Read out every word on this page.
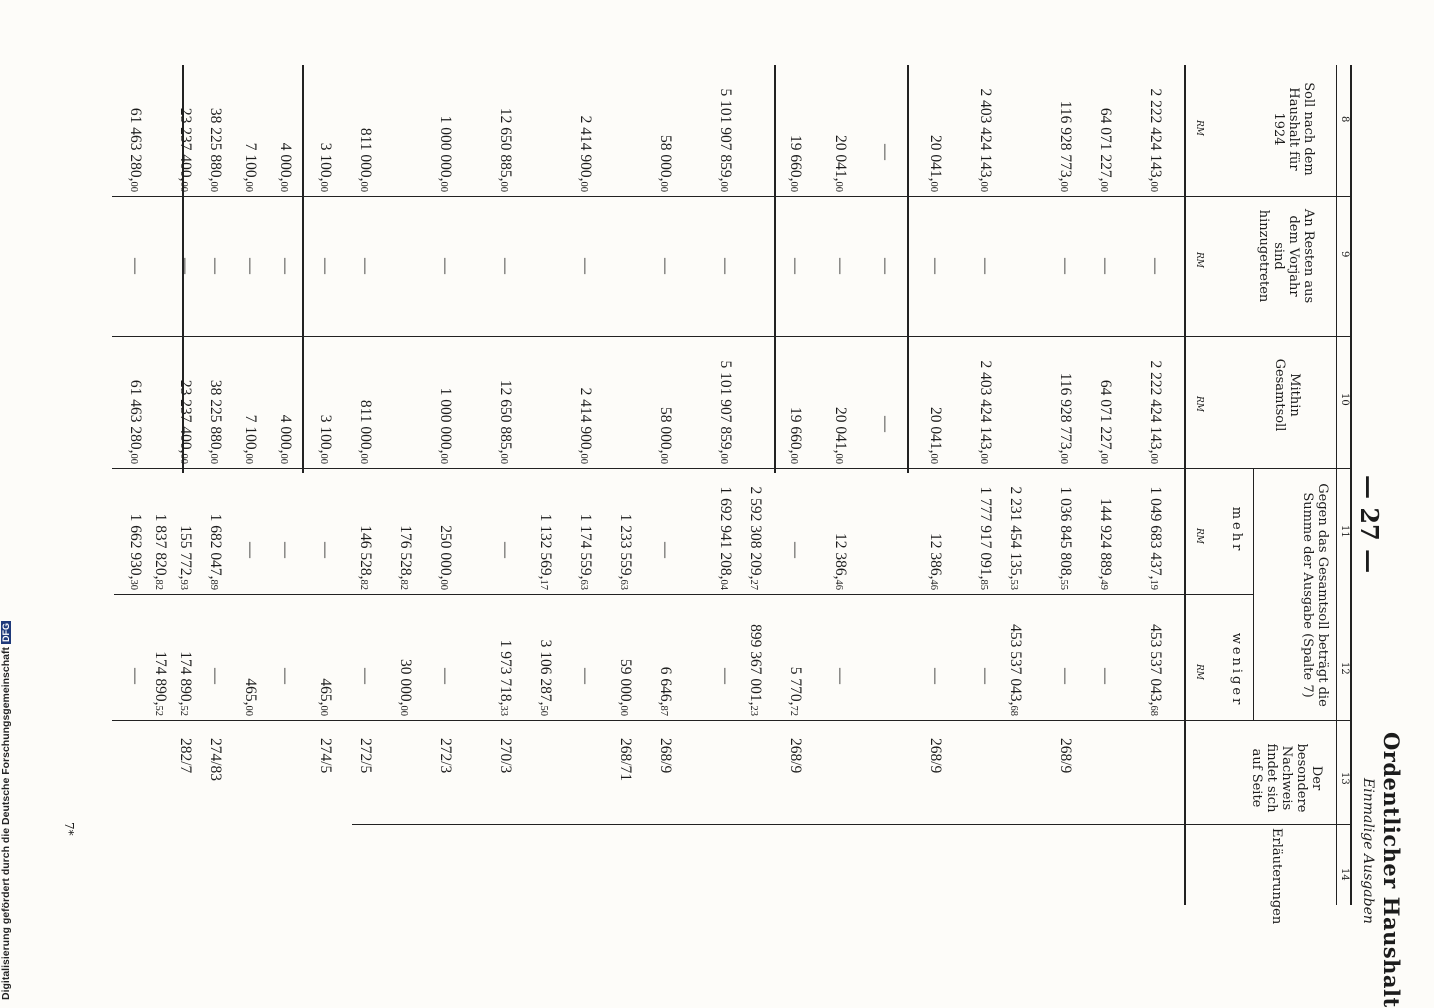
— 27 —
Ordentlicher Haushalt
Einmalige Ausgaben
8
9
10
11
12
13
14
Soll nach dem Haushalt für 1924
An Resten aus dem Vorjahr sind hinzugetreten
Mithin Gesamtsoll
Gegen das Gesamtsoll beträgt die Summe der Ausgabe (Spalte 7)
mehr
weniger
Der besondere Nachweis findet sich auf Seite
Erläuterungen
RM
RM
RM
RM
RM
2 222 424 143,00
2 222 424 143,00
1 049 683 437,19
453 537 043,68
—
64 071 227,00
64 071 227,00
144 924 889,49
—
—
116 928 773,00
116 928 773,00
1 036 845 808,55
—
—
268/9
2 231 454 135,53
453 537 043,68
2 403 424 143,00
2 403 424 143,00
1 777 917 091,85
—
—
20 041,00
20 041,00
12 386,46
—
—
268/9
—
—
—
20 041,00
20 041,00
12 386,46
—
—
19 660,00
19 660,00
—
5 770,72
—
268/9
2 592 308 209,27
899 367 001,23
5 101 907 859,00
5 101 907 859,00
1 692 941 208,04
—
—
58 000,00
58 000,00
—
6 646,87
—
268/9
1 233 559,63
59 000,00
268/71
2 414 900,00
2 414 900,00
1 174 559,63
—
—
1 132 569,17
3 106 287,50
12 650 885,00
12 650 885,00
—
1 973 718,33
—
270/3
1 000 000,00
1 000 000,00
250 000,00
—
—
272/3
176 528,82
30 000,00
811 000,00
811 000,00
146 528,82
—
—
272/5
3 100,00
3 100,00
—
465,00
—
274/5
4 000,00
4 000,00
—
—
—
7 100,00
7 100,00
—
465,00
—
38 225 880,00
38 225 880,00
1 682 047,89
—
—
274/83
23 237 400,00
23 237 400,00
155 772,93
174 890,52
—
282/7
1 837 820,82
174 890,52
61 463 280,00
61 463 280,00
1 662 930,30
—
—
7*
Digitalisierung gefördert durch die Deutsche ForschungsgemeinschaftDFG
